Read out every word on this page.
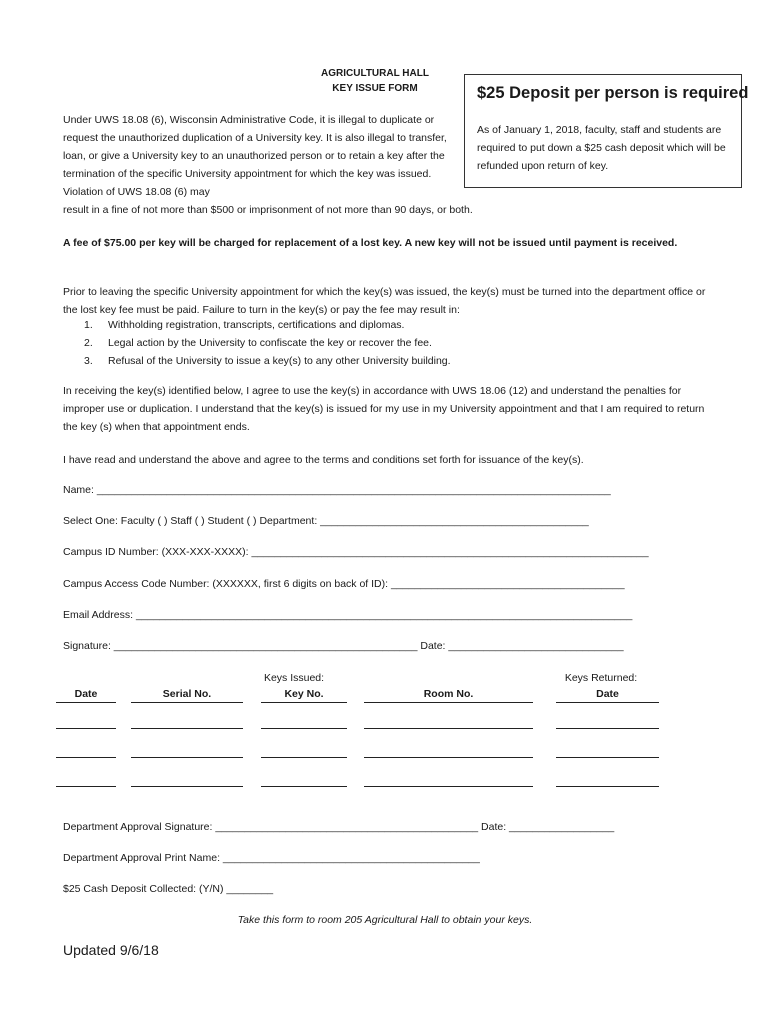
AGRICULTURAL HALL
KEY ISSUE FORM	$25 Deposit per person is required
As of January 1, 2018, faculty, staff and students are required to put down a $25 cash deposit which will be refunded upon return of key.
Under UWS 18.08 (6), Wisconsin Administrative Code, it is illegal to duplicate or request the unauthorized duplication of a University key. It is also illegal to transfer, loan, or give a University key to an unauthorized person or to retain a key after the termination of the specific University appointment for which the key was issued. Violation of UWS 18.08 (6) may
result in a fine of not more than $500 or imprisonment of not more than 90 days, or both.
A fee of $75.00 per key will be charged for replacement of a lost key. A new key will not be issued until payment is received.
Prior to leaving the specific University appointment for which the key(s) was issued, the key(s) must be turned into the department office or the lost key fee must be paid. Failure to turn in the key(s) or pay the fee may result in:
1.	Withholding registration, transcripts, certifications and diplomas.
2.	Legal action by the University to confiscate the key or recover the fee.
3.	Refusal of the University to issue a key(s) to any other University building.
In receiving the key(s) identified below, I agree to use the key(s) in accordance with UWS 18.06 (12) and understand the penalties for improper use or duplication. I understand that the key(s) is issued for my use in my University appointment and that I am required to return the key (s) when that appointment ends.
I have read and understand the above and agree to the terms and conditions set forth for issuance of the key(s).
Name: ________________________________________________________________________________________
Select One: Faculty ( ) Staff ( ) Student ( ) Department: ______________________________________________
Campus ID Number: (XXX-XXX-XXXX): ____________________________________________________________________
Campus Access Code Number: (XXXXXX, first 6 digits on back of ID): ________________________________________
Email Address: _____________________________________________________________________________________
Signature: ____________________________________________________ Date: ______________________________
Keys Issued:	Keys Returned:
Date	Serial No.	Key No.	Room No.	Date
Department Approval Signature: _____________________________________________ Date: __________________
Department Approval Print Name: ____________________________________________
$25 Cash Deposit Collected: (Y/N) ________
Take this form to room 205 Agricultural Hall to obtain your keys.
Updated 9/6/18
